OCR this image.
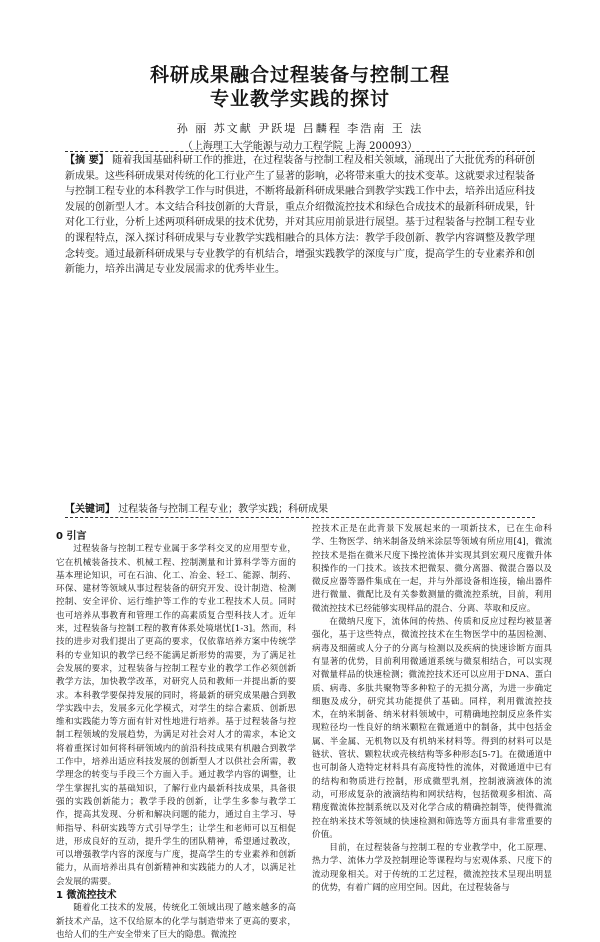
科研成果融合过程装备与控制工程
专业教学实践的探讨
孙 丽 苏文献 尹跃堤 吕麟程 李浩南 王 法
（上海理工大学能源与动力工程学院 上海 200093）
【摘 要】 随着我国基础科研工作的推进，在过程装备与控制工程及相关领域，涌现出了大批优秀的科研创新成果。这些科研成果对传统的化工行业产生了显著的影响，必将带来重大的技术变革。这就要求过程装备与控制工程专业的本科教学工作与时俱进，不断将最新科研成果融合到教学实践工作中去，培养出适应科技发展的创新型人才。本文结合科技创新的大背景，重点介绍微流控技术和绿色合成技术的最新科研成果，针对化工行业，分析上述两项科研成果的技术优势，并对其应用前景进行展望。基于过程装备与控制工程专业的课程特点，深入探讨科研成果与专业教学实践相融合的具体方法：教学手段创新、教学内容调整及教学理念转变。通过最新科研成果与专业教学的有机结合，增强实践教学的深度与广度，提高学生的专业素养和创新能力，培养出满足专业发展需求的优秀毕业生。
【关键词】 过程装备与控制工程专业；教学实践；科研成果

0 引言

过程装备与控制工程专业属于多学科交叉的应用型专业，它在机械装备技术、机械工程、控制测量和计算科学等方面的基本理论知识，可在石油、化工、冶金、轻工、能源、制药、环保、建材等领域从事过程装备的研究开发、设计制造、检测控制、安全评价、运行维护等工作的专业工程技术人员。同时也可培养从事教育和管理工作的高素质复合型科技人才。近年来，过程装备与控制工程的教育体系处境堪忧[1-3]。然而，科技的进步对我们提出了更高的要求，仅依靠培养方案中传统学科的专业知识的教学已经不能满足新形势的需要，为了满足社会发展的要求，过程装备与控制工程专业的教学工作必须创新教学方法，加快教学改革，对研究人员和教师一并提出新的要求。本科教学要保持发展的同时，将最新的研究成果融合到教学实践中去，发展多元化学模式，对学生的综合素质、创新思维和实践能力等方面有针对性地进行培养。基于过程装备与控制工程领域的发展趋势，为满足对社会对人才的需求，本论文将着重探讨如何将科研领域内的前沿科技成果有机融合到教学工作中，培养出适应科技发展的创新型人才以供社会所需，教学理念的转变与手段三个方面入手。通过教学内容的调整，让学生掌握扎实的基础知识，了解行业内最新科技成果，具备很强的实践创新能力；教学手段的创新，让学生多参与教学工作，提高其发现、分析和解决问题的能力，通过自主学习、导师指导、科研实践等方式引导学生；让学生和老师可以互相促进，形成良好的互动，提升学生的团队精神，希望通过教改，可以增强教学内容的深度与广度，提高学生的专业素养和创新能力，从而培养出具有创新精神和实践能力的人才，以满足社会发展的需要。

1 微流控技术

随着化工技术的发展，传统化工领域出现了越来越多的高新技术产品，这不仅给原本的化学与制造带来了更高的要求，也给人们的生产安全带来了巨大的隐患。微流控

控技术正是在此背景下发展起来的一项新技术，已在生命科学、生物医学、纳米制备及纳米涂层等领域有所应用[4]，微流控技术是指在微米尺度下操控流体并实现其到宏观尺度微升体积操作的一门技术。该技术把微泵、微分离器、微混合器以及微反应器等器件集成在一起，并与外部设备相连接，输出器件进行微量、微配比及有关参数测量的微流控系统，目前，利用微流控技术已经能够实现样品的混合、分离、萃取和反应。

在微纳尺度下，流体间的传热、传质和反应过程均被显著强化，基于这些特点，微流控技术在生物医学中的基因检测、病毒及细菌或人分子的分离与检测以及疾病的快速诊断方面具有显著的优势，目前利用微通道系统与微泵相结合，可以实现对微量样品的快速检测；微流控技术还可以应用于DNA、蛋白质、病毒、多肽共聚物等多种粒子的无损分离，为进一步确定细胞及成分，研究其功能提供了基础。同样，利用微流控技术，在纳米制备、纳米材料领域中，可精确地控制反应条件实现粒径均一性良好的纳米颗粒在微通道中的制备，其中包括金属、半金属、无机物以及有机纳米材料等。得到的材料可以是链状、管状、颗粒状或壳核结构等多种形态[5-7]。在微通道中也可制备人造特定材料具有高度特性的流体，对微通道中已有的结构和物质进行控制，形成微型乳剂，控制液滴液体的流动，可形成复杂的液滴结构和网状结构，包括微观多相流、高精度微流体控制系统以及对化学合成的精确控制等，使得微流控在纳米技术等领域的快速检测和筛选等方面具有非常重要的价值。

目前，在过程装备与控制工程的专业教学中，化工原理、热力学、流体力学及控制理论等课程均与宏观体系、尺度下的流动现象相关。对于传统的工艺过程，微流控技术呈现出明显的优势，有着广阔的应用空间。因此，在过程装备与
